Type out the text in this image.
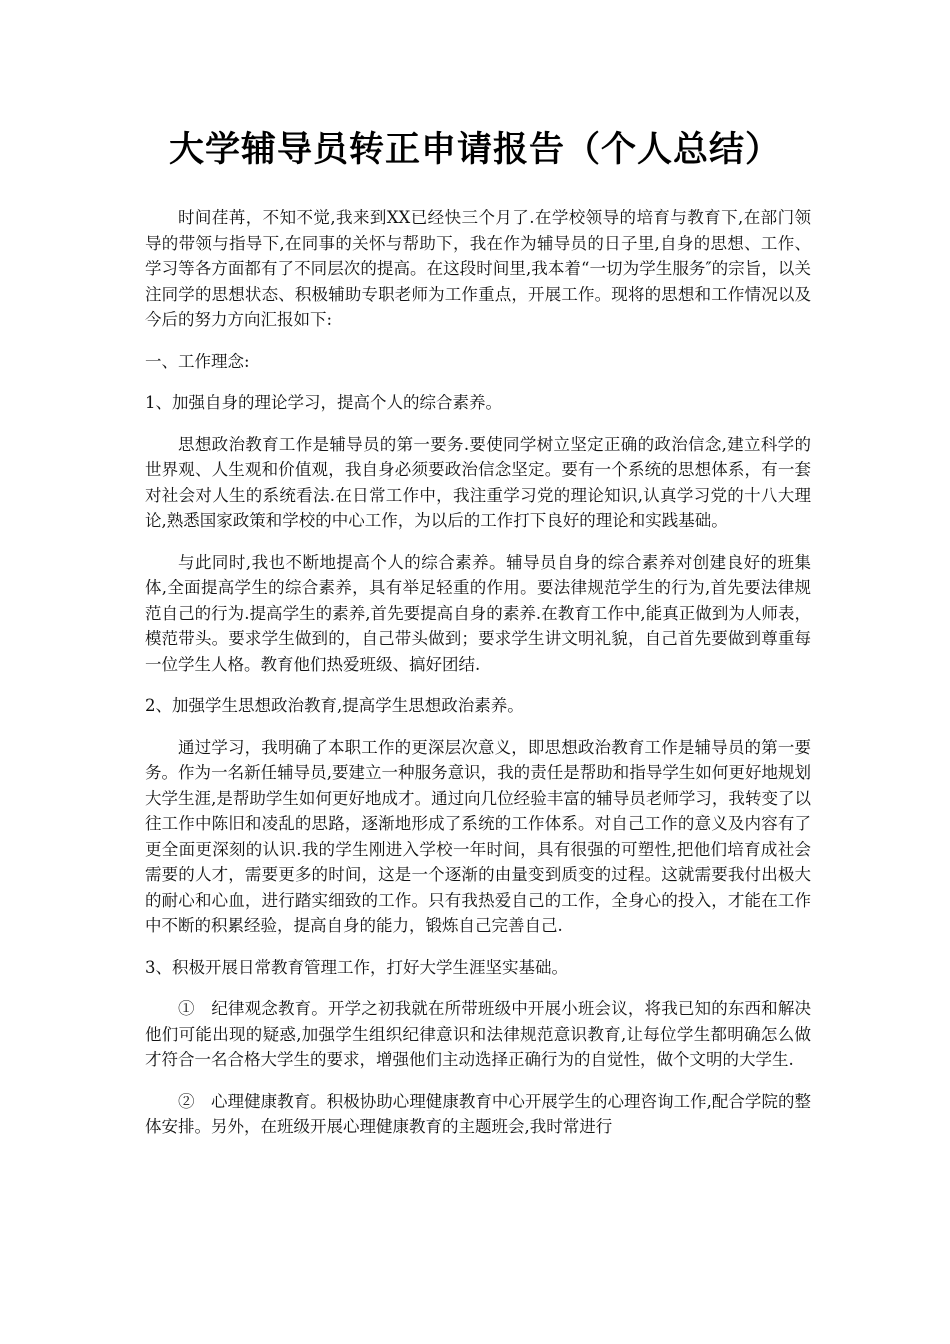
大学辅导员转正申请报告（个人总结）

时间荏苒，不知不觉,我来到XX已经快三个月了.在学校领导的培育与教育下,在部门领导的带领与指导下,在同事的关怀与帮助下，我在作为辅导员的日子里,自身的思想、工作、学习等各方面都有了不同层次的提高。在这段时间里,我本着“一切为学生服务″的宗旨，以关注同学的思想状态、积极辅助专职老师为工作重点，开展工作。现将的思想和工作情况以及今后的努力方向汇报如下:

一、工作理念:

1、加强自身的理论学习，提高个人的综合素养。

思想政治教育工作是辅导员的第一要务.要使同学树立坚定正确的政治信念,建立科学的世界观、人生观和价值观，我自身必须要政治信念坚定。要有一个系统的思想体系，有一套对社会对人生的系统看法.在日常工作中，我注重学习党的理论知识,认真学习党的十八大理论,熟悉国家政策和学校的中心工作，为以后的工作打下良好的理论和实践基础。

与此同时,我也不断地提高个人的综合素养。辅导员自身的综合素养对创建良好的班集体,全面提高学生的综合素养，具有举足轻重的作用。要法律规范学生的行为,首先要法律规范自己的行为.提高学生的素养,首先要提高自身的素养.在教育工作中,能真正做到为人师表，模范带头。要求学生做到的，自己带头做到；要求学生讲文明礼貌，自己首先要做到尊重每一位学生人格。教育他们热爱班级、搞好团结.

2、加强学生思想政治教育,提高学生思想政治素养。

通过学习，我明确了本职工作的更深层次意义，即思想政治教育工作是辅导员的第一要务。作为一名新任辅导员,要建立一种服务意识，我的责任是帮助和指导学生如何更好地规划大学生涯,是帮助学生如何更好地成才。通过向几位经验丰富的辅导员老师学习，我转变了以往工作中陈旧和凌乱的思路，逐渐地形成了系统的工作体系。对自己工作的意义及内容有了更全面更深刻的认识.我的学生刚进入学校一年时间，具有很强的可塑性,把他们培育成社会需要的人才，需要更多的时间，这是一个逐渐的由量变到质变的过程。这就需要我付出极大的耐心和心血，进行踏实细致的工作。只有我热爱自己的工作，全身心的投入，才能在工作中不断的积累经验，提高自身的能力，锻炼自己完善自己.

3、积极开展日常教育管理工作，打好大学生涯坚实基础。

①　纪律观念教育。开学之初我就在所带班级中开展小班会议，将我已知的东西和解决他们可能出现的疑惑,加强学生组织纪律意识和法律规范意识教育,让每位学生都明确怎么做才符合一名合格大学生的要求，增强他们主动选择正确行为的自觉性，做个文明的大学生.

②　心理健康教育。积极协助心理健康教育中心开展学生的心理咨询工作,配合学院的整体安排。另外，在班级开展心理健康教育的主题班会,我时常进行
